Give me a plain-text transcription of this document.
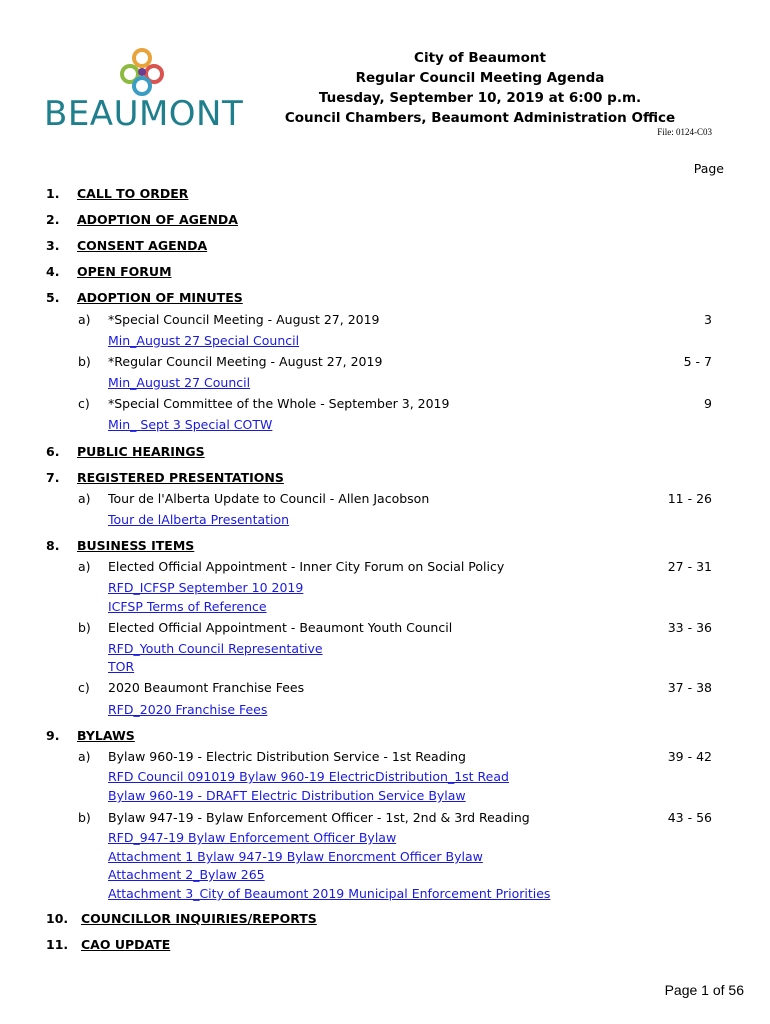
BEAUMONT
City of Beaumont
Regular Council Meeting Agenda
Tuesday, September 10, 2019 at 6:00 p.m.
Council Chambers, Beaumont Administration Office
File: 0124-C03
Page
1. CALL TO ORDER
2. ADOPTION OF AGENDA
3. CONSENT AGENDA
4. OPEN FORUM
5. ADOPTION OF MINUTES
a) *Special Council Meeting - August 27, 2019	3
Min_August 27 Special Council
b) *Regular Council Meeting - August 27, 2019	5 - 7
Min_August 27 Council
c) *Special Committee of the Whole - September 3, 2019	9
Min_ Sept 3 Special COTW
6. PUBLIC HEARINGS
7. REGISTERED PRESENTATIONS
a) Tour de l'Alberta Update to Council - Allen Jacobson	11 - 26
Tour de lAlberta Presentation
8. BUSINESS ITEMS
a) Elected Official Appointment - Inner City Forum on Social Policy	27 - 31
RFD_ICFSP September 10 2019
ICFSP Terms of Reference
b) Elected Official Appointment - Beaumont Youth Council	33 - 36
RFD_Youth Council Representative
TOR
c) 2020 Beaumont Franchise Fees	37 - 38
RFD_2020 Franchise Fees
9. BYLAWS
a) Bylaw 960-19 - Electric Distribution Service - 1st Reading	39 - 42
RFD Council 091019 Bylaw 960-19 ElectricDistribution_1st Read
Bylaw 960-19 - DRAFT Electric Distribution Service Bylaw
b) Bylaw 947-19 - Bylaw Enforcement Officer - 1st, 2nd & 3rd Reading	43 - 56
RFD_947-19 Bylaw Enforcement Officer Bylaw
Attachment 1 Bylaw 947-19 Bylaw Enorcment Officer Bylaw
Attachment 2_Bylaw 265
Attachment 3_City of Beaumont 2019 Municipal Enforcement Priorities
10. COUNCILLOR INQUIRIES/REPORTS
11. CAO UPDATE
Page 1 of 56
